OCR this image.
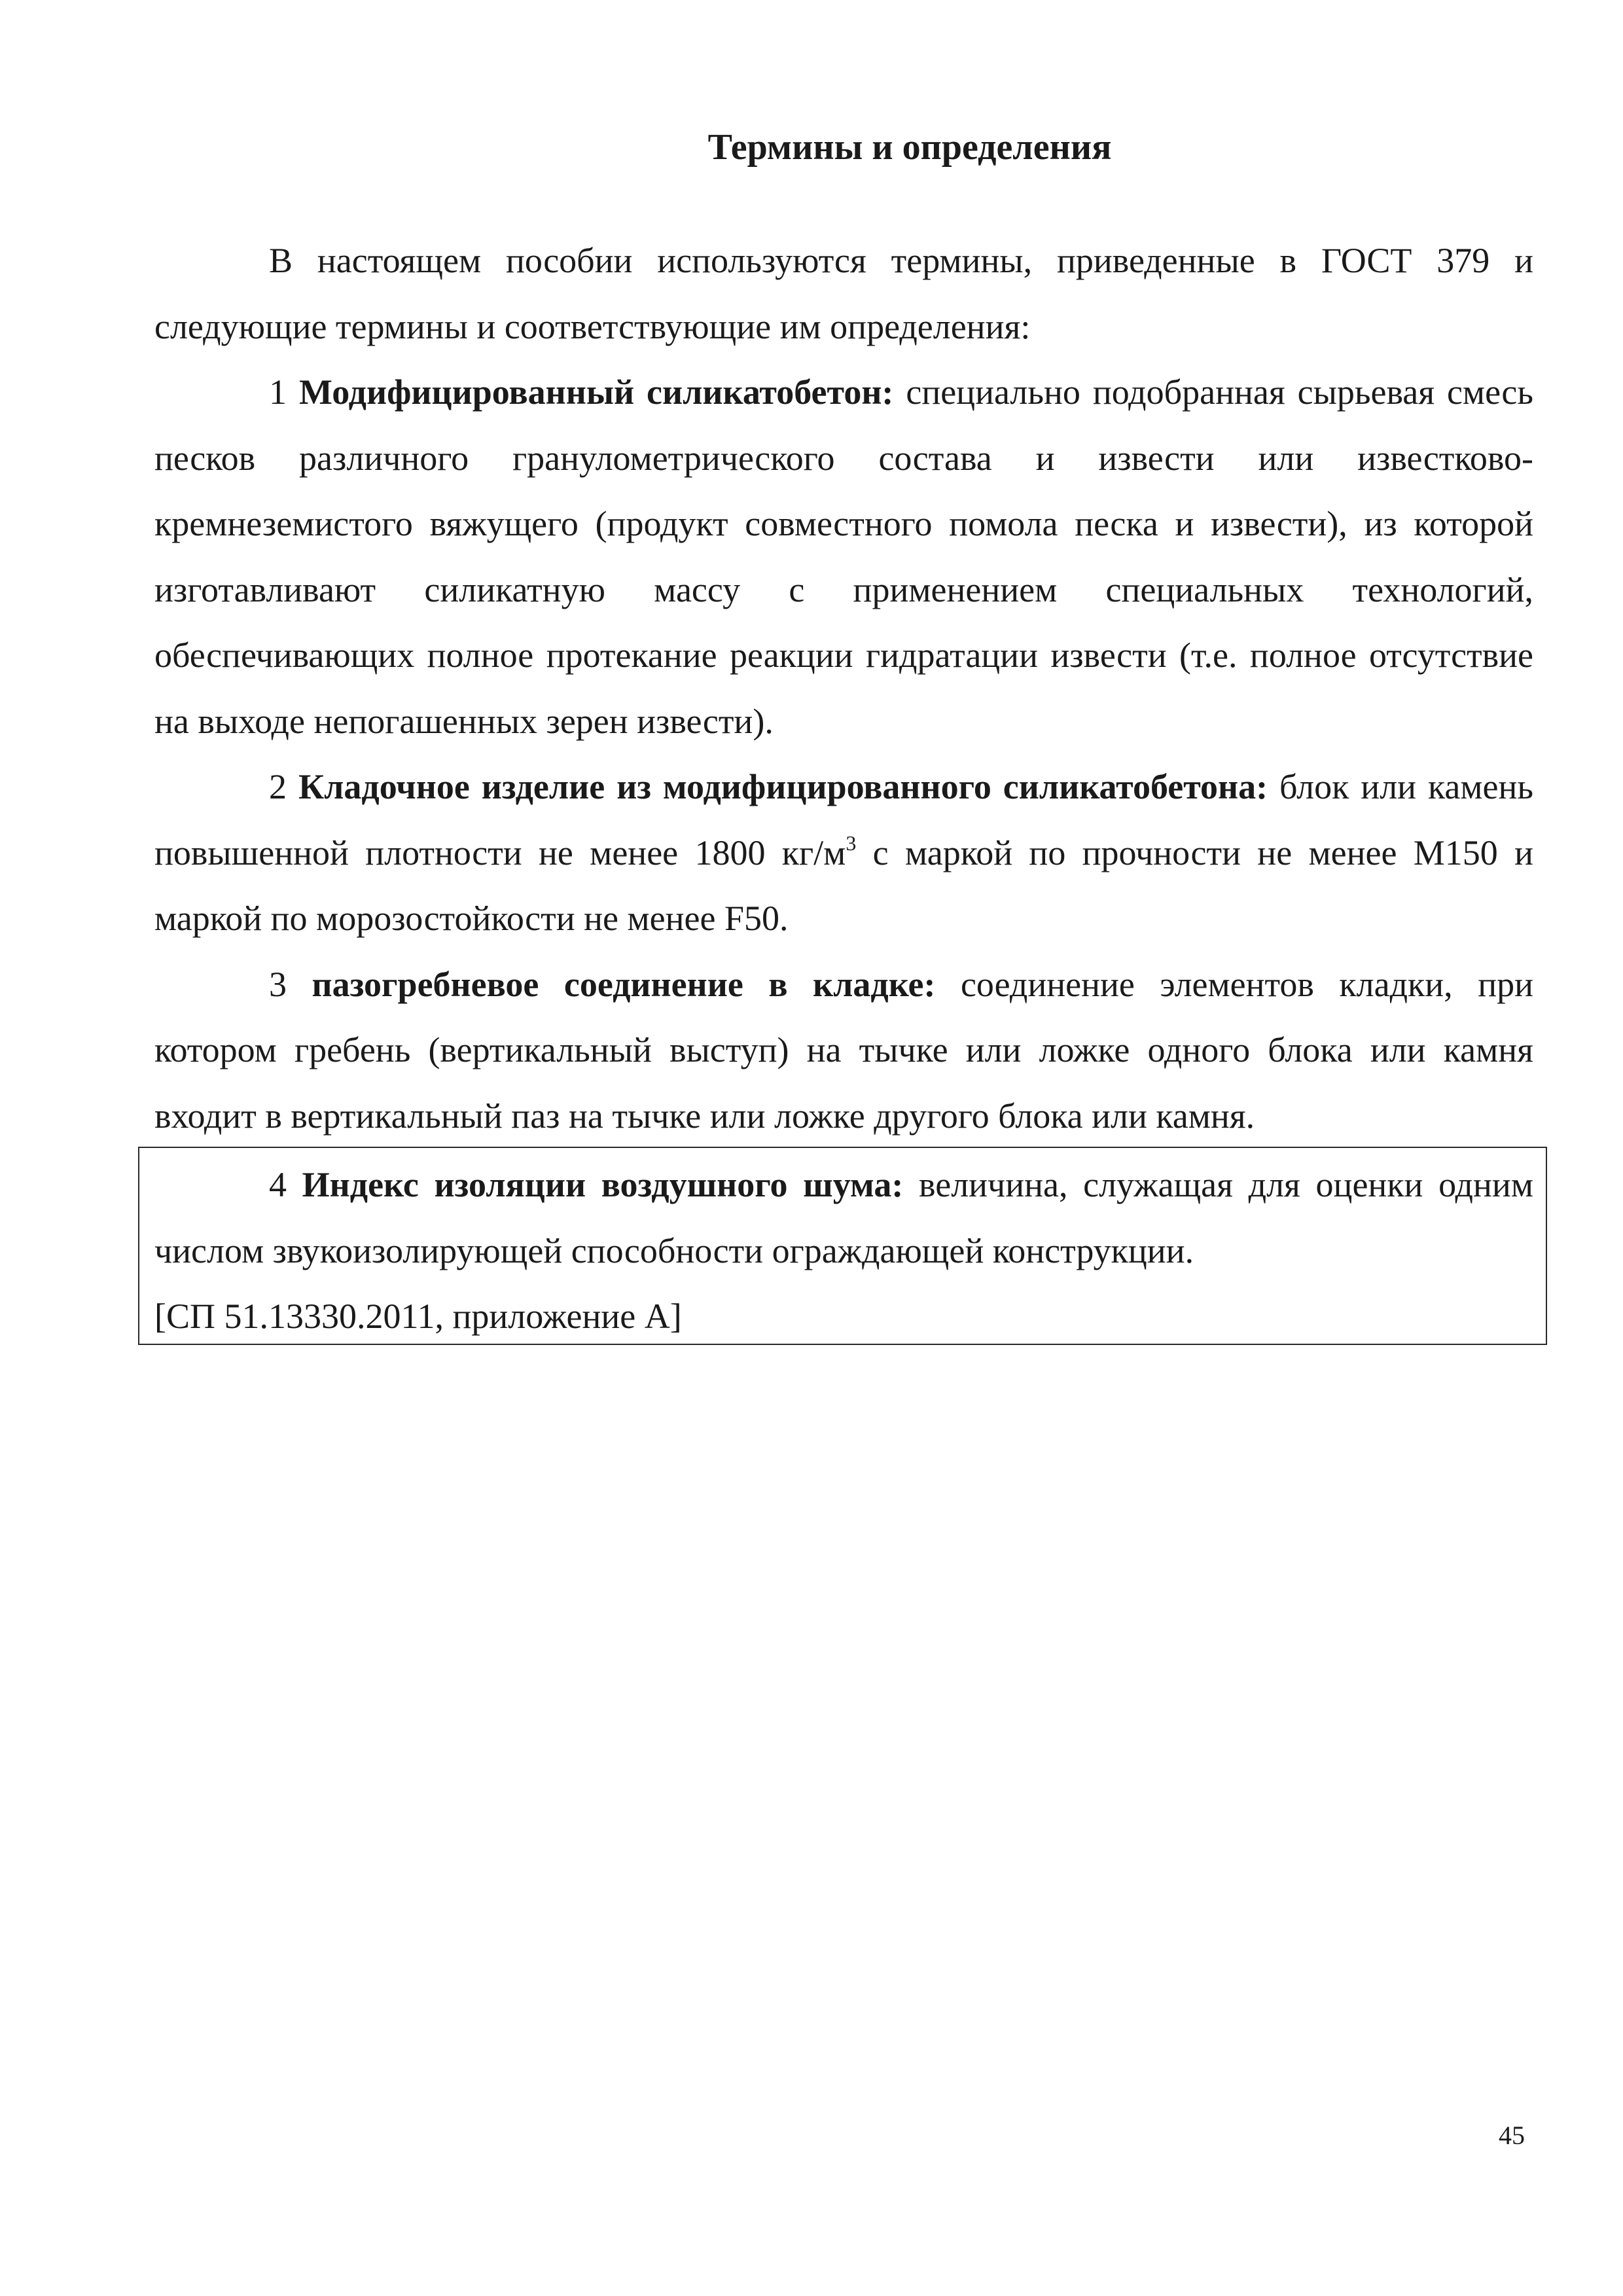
Термины и определения

В настоящем пособии используются термины, приведенные в ГОСТ 379 и следующие термины и соответствующие им определения:

1 Модифицированный силикатобетон: специально подобранная сырьевая смесь песков различного гранулометрического состава и извести или известково-кремнеземистого вяжущего (продукт совместного помола песка и извести), из которой изготавливают силикатную массу с применением специальных технологий, обеспечивающих полное протекание реакции гидратации извести (т.е. полное отсутствие на выходе непогашенных зерен извести).

2 Кладочное изделие из модифицированного силикатобетона: блок или камень повышенной плотности не менее 1800 $кг/м^3$ с маркой по прочности не менее М150 и маркой по морозостойкости не менее F50.

3 пазогребневое соединение в кладке: соединение элементов кладки, при котором гребень (вертикальный выступ) на тычке или ложке одного блока или камня входит в вертикальный паз на тычке или ложке другого блока или камня.

4 Индекс изоляции воздушного шума: величина, служащая для оценки одним числом звукоизолирующей способности ограждающей конструкции.

[СП 51.13330.2011, приложение А]

45
